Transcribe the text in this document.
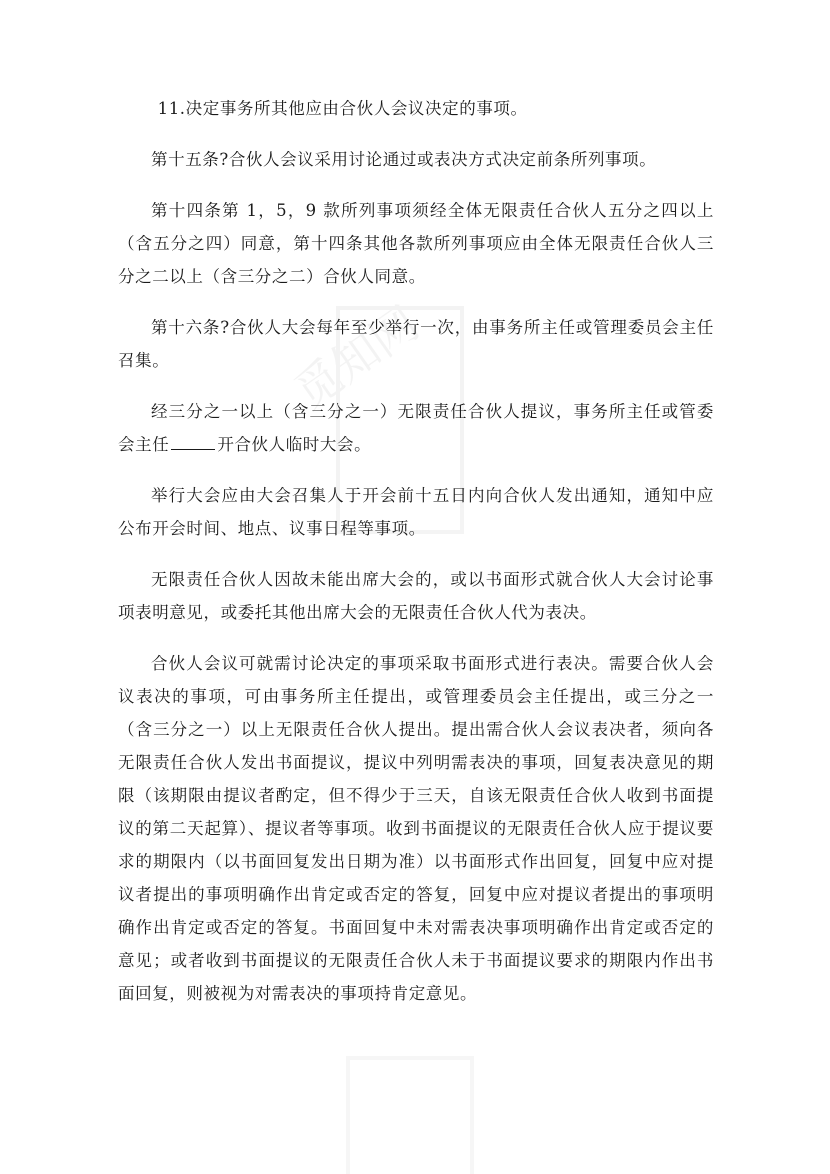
觅知网

11.决定事务所其他应由合伙人会议决定的事项。

第十五条?合伙人会议采用讨论通过或表决方式决定前条所列事项。

第十四条第 1，5，9 款所列事项须经全体无限责任合伙人五分之四以上（含五分之四）同意，第十四条其他各款所列事项应由全体无限责任合伙人三分之二以上（含三分之二）合伙人同意。

第十六条?合伙人大会每年至少举行一次，由事务所主任或管理委员会主任召集。

经三分之一以上（含三分之一）无限责任合伙人提议，事务所主任或管委会主任	开合伙人临时大会。

举行大会应由大会召集人于开会前十五日内向合伙人发出通知，通知中应公布开会时间、地点、议事日程等事项。

无限责任合伙人因故未能出席大会的，或以书面形式就合伙人大会讨论事项表明意见，或委托其他出席大会的无限责任合伙人代为表决。

合伙人会议可就需讨论决定的事项采取书面形式进行表决。需要合伙人会议表决的事项，可由事务所主任提出，或管理委员会主任提出，或三分之一（含三分之一）以上无限责任合伙人提出。提出需合伙人会议表决者，须向各无限责任合伙人发出书面提议，提议中列明需表决的事项，回复表决意见的期限（该期限由提议者酌定，但不得少于三天，自该无限责任合伙人收到书面提议的第二天起算）、提议者等事项。收到书面提议的无限责任合伙人应于提议要求的期限内（以书面回复发出日期为准）以书面形式作出回复，回复中应对提议者提出的事项明确作出肯定或否定的答复，回复中应对提议者提出的事项明确作出肯定或否定的答复。书面回复中未对需表决事项明确作出肯定或否定的意见；或者收到书面提议的无限责任合伙人未于书面提议要求的期限内作出书面回复，则被视为对需表决的事项持肯定意见。
